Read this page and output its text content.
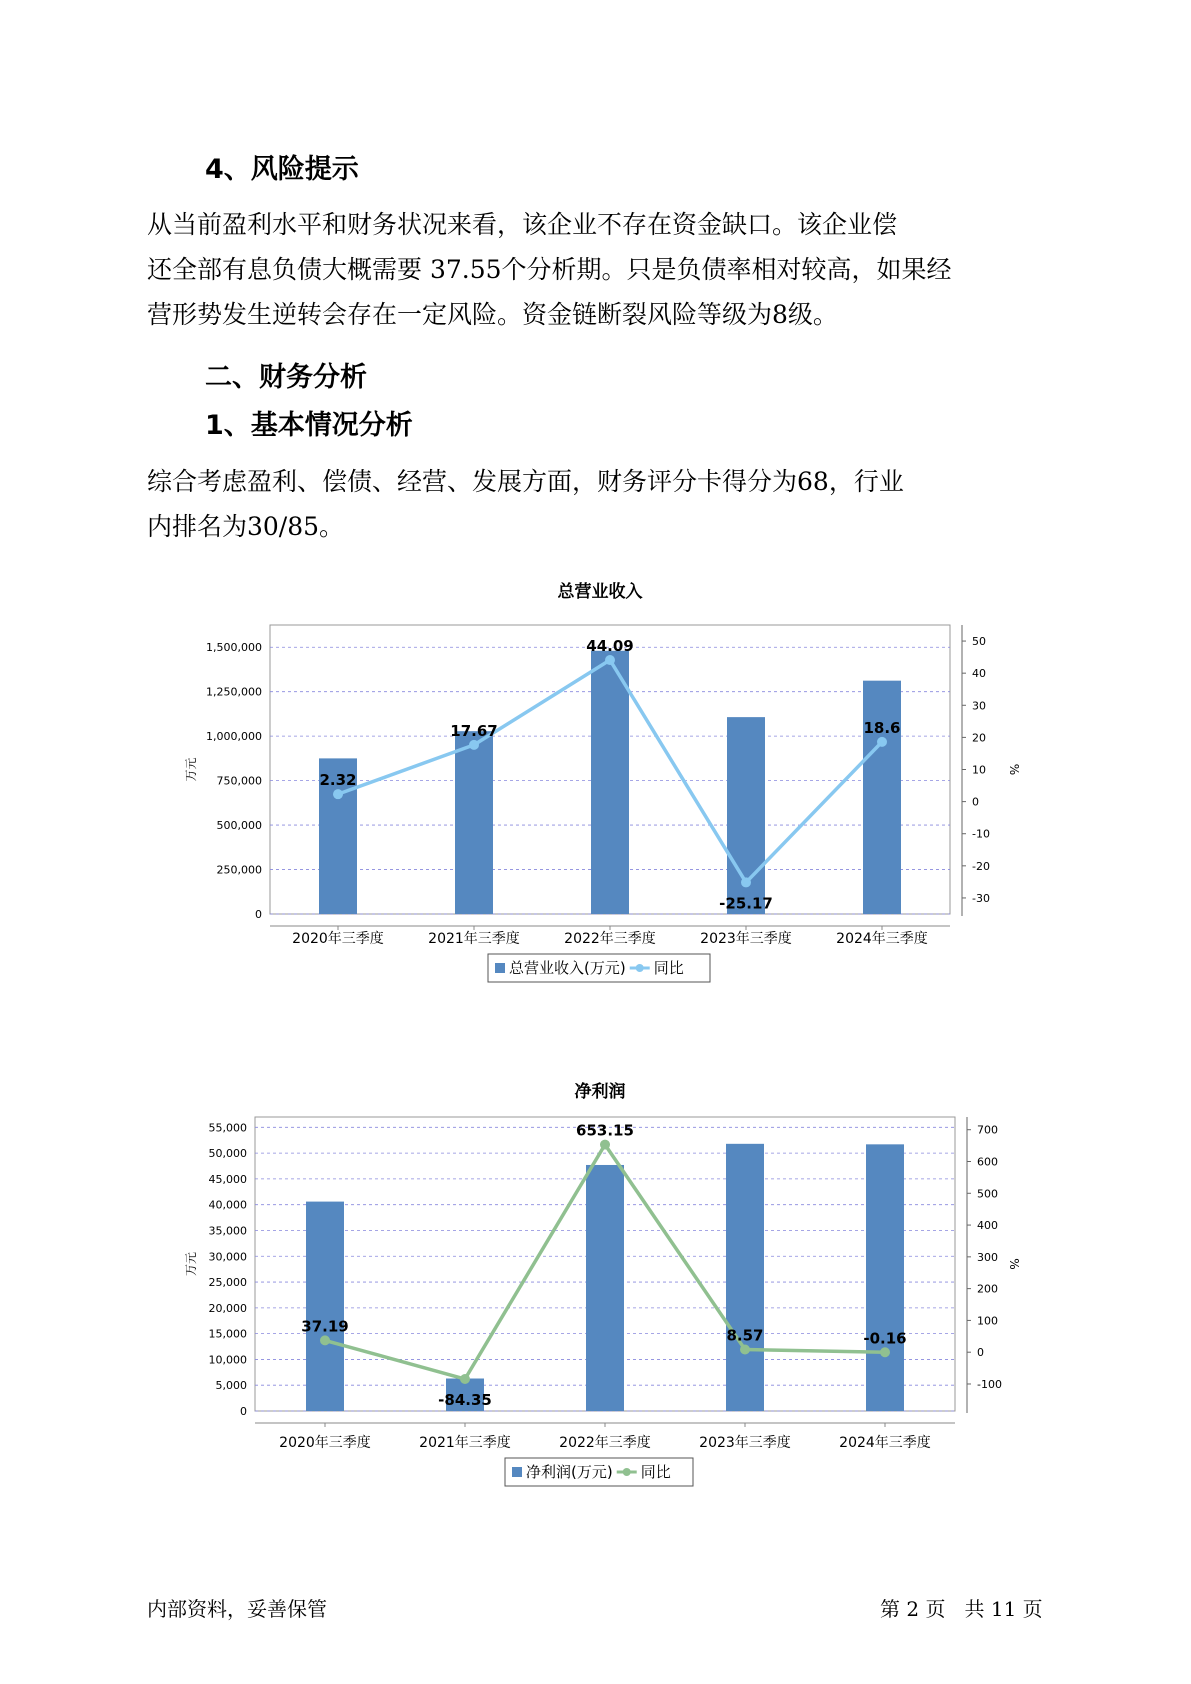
4、风险提示
从当前盈利水平和财务状况来看，该企业不存在资金缺口。该企业偿
还全部有息负债大概需要 37.55个分析期。只是负债率相对较高，如果经
营形势发生逆转会存在一定风险。资金链断裂风险等级为8级。
二、财务分析
1、基本情况分析
综合考虑盈利、偿债、经营、发展方面，财务评分卡得分为68，行业
内排名为30/85。
总营业收入
0
250,000
500,000
750,000
1,000,000
1,250,000
1,500,000
-30
-20
-10
0
10
20
30
40
50
万元	%
2020年三季度	2021年三季度	2022年三季度	2023年三季度	2024年三季度
2.32
17.67
44.09
-25.17
18.6
总营业收入(万元) 同比
净利润
0
5,000
10,000
15,000
20,000
25,000
30,000
35,000
40,000
45,000
50,000
55,000
-100
0
100
200
300
400
500
600
700
万元	%
2020年三季度	2021年三季度	2022年三季度	2023年三季度	2024年三季度
37.19
-84.35
653.15
8.57	-0.16
净利润(万元) 同比
内部资料，妥善保管	第 2 页   共 11 页
